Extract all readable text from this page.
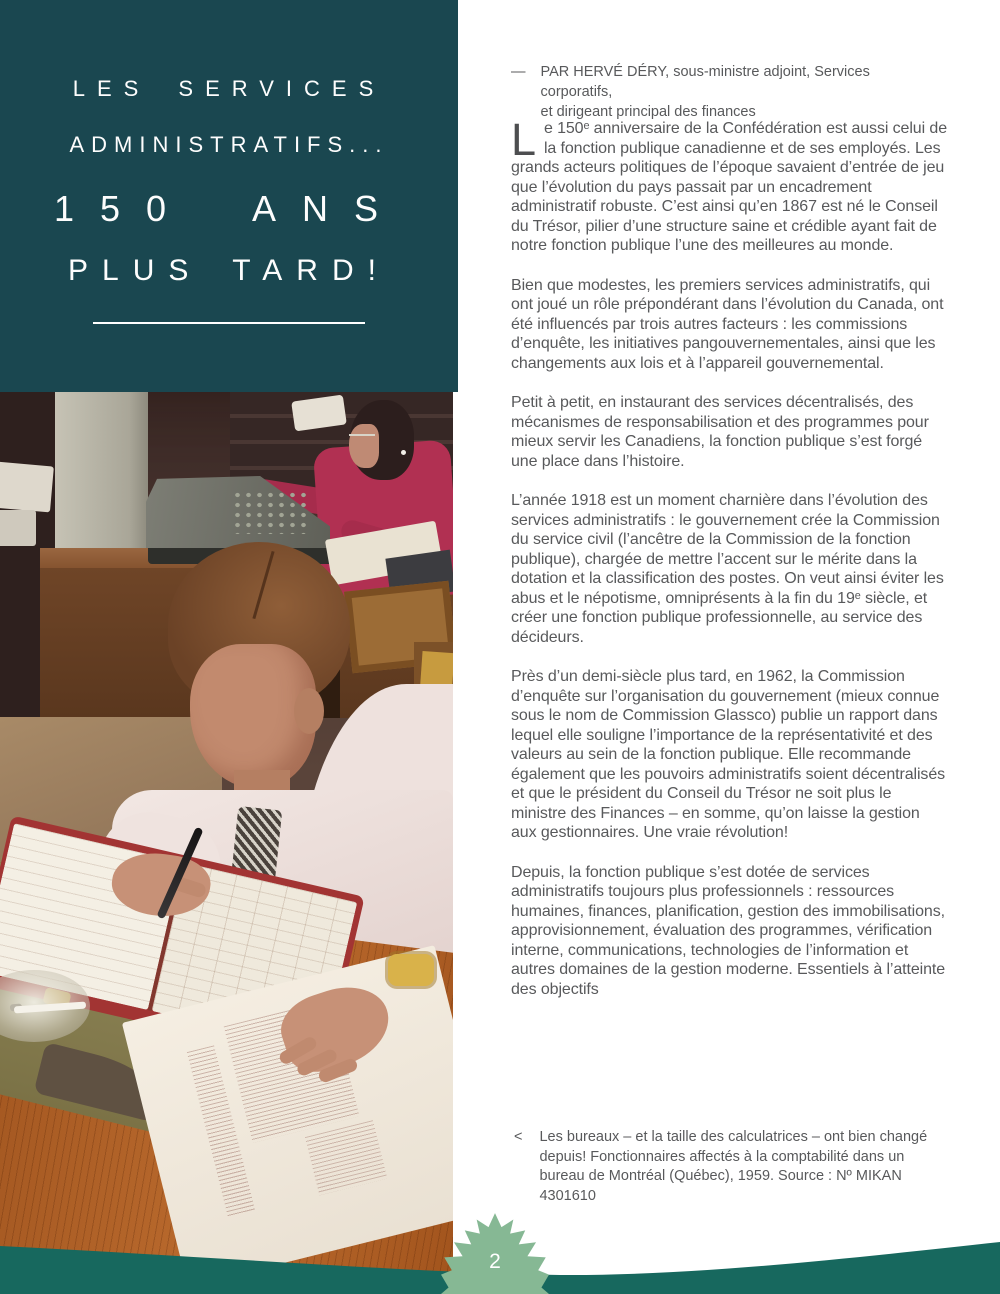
LES SERVICES
ADMINISTRATIFS...
150 ANS
PLUS TARD!
— PAR HERVÉ DÉRY, sous-ministre adjoint, Services corporatifs,
et dirigeant principal des finances

Le 150ᵉ anniversaire de la Confédération est aussi celui de la fonction publique canadienne et de ses employés. Les grands acteurs politiques de l’époque savaient d’entrée de jeu que l’évolution du pays passait par un encadrement administratif robuste. C’est ainsi qu’en 1867 est né le Conseil du Trésor, pilier d’une structure saine et crédible ayant fait de notre fonction publique l’une des meilleures au monde.

Bien que modestes, les premiers services administratifs, qui ont joué un rôle prépondérant dans l’évolution du Canada, ont été influencés par trois autres facteurs : les commissions d’enquête, les initiatives pangouvernementales, ainsi que les changements aux lois et à l’appareil gouvernemental.

Petit à petit, en instaurant des services décentralisés, des mécanismes de responsabilisation et des programmes pour mieux servir les Canadiens, la fonction publique s’est forgé une place dans l’histoire.

L’année 1918 est un moment charnière dans l’évolution des services administratifs : le gouvernement crée la Commission du service civil (l’ancêtre de la Commission de la fonction publique), chargée de mettre l’accent sur le mérite dans la dotation et la classification des postes. On veut ainsi éviter les abus et le népotisme, omniprésents à la fin du 19ᵉ siècle, et créer une fonction publique professionnelle, au service des décideurs.

Près d’un demi-siècle plus tard, en 1962, la Commission d’enquête sur l’organisation du gouvernement (mieux connue sous le nom de Commission Glassco) publie un rapport dans lequel elle souligne l’importance de la représentativité et des valeurs au sein de la fonction publique. Elle recommande également que les pouvoirs administratifs soient décentralisés et que le président du Conseil du Trésor ne soit plus le ministre des Finances – en somme, qu’on laisse la gestion aux gestionnaires. Une vraie révolution!

Depuis, la fonction publique s’est dotée de services administratifs toujours plus professionnels : ressources humaines, finances, planification, gestion des immobilisations, approvisionnement, évaluation des programmes, vérification interne, communications, technologies de l’information et autres domaines de la gestion moderne. Essentiels à l’atteinte des objectifs

< Les bureaux – et la taille des calculatrices – ont bien changé depuis! Fonctionnaires affectés à la comptabilité dans un bureau de Montréal (Québec), 1959. Source : Nº MIKAN 4301610
2
